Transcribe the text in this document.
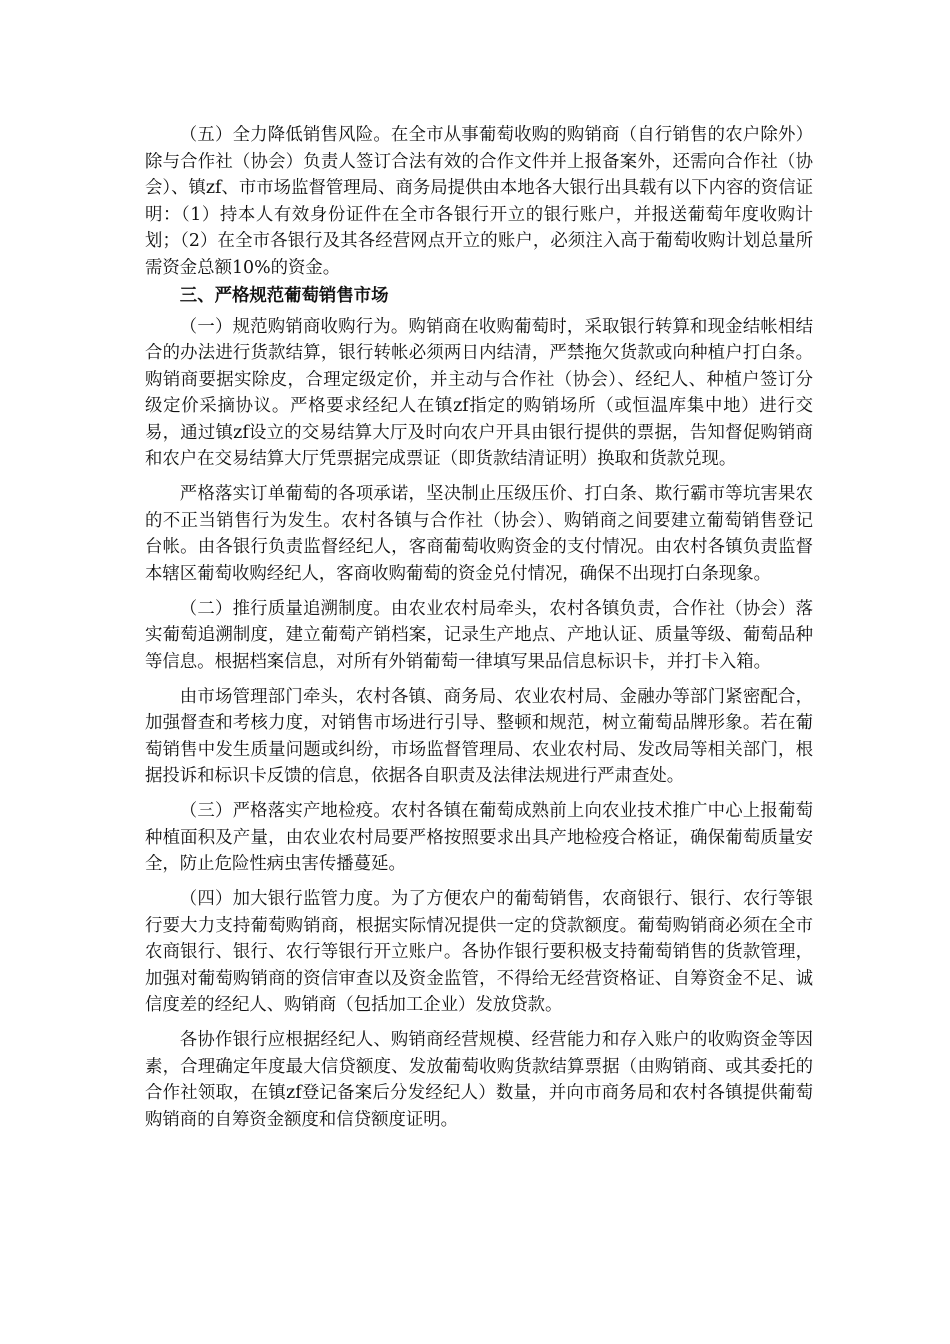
（五）全力降低销售风险。在全市从事葡萄收购的购销商（自行销售的农户除外）除与合作社（协会）负责人签订合法有效的合作文件并上报备案外，还需向合作社（协会）、镇zf、市市场监督管理局、商务局提供由本地各大银行出具载有以下内容的资信证明：（1）持本人有效身份证件在全市各银行开立的银行账户，并报送葡萄年度收购计划；（2）在全市各银行及其各经营网点开立的账户，必须注入高于葡萄收购计划总量所需资金总额10%的资金。

三、严格规范葡萄销售市场

（一）规范购销商收购行为。购销商在收购葡萄时，采取银行转算和现金结帐相结合的办法进行货款结算，银行转帐必须两日内结清，严禁拖欠货款或向种植户打白条。购销商要据实除皮，合理定级定价，并主动与合作社（协会）、经纪人、种植户签订分级定价采摘协议。严格要求经纪人在镇zf指定的购销场所（或恒温库集中地）进行交易，通过镇zf设立的交易结算大厅及时向农户开具由银行提供的票据，告知督促购销商和农户在交易结算大厅凭票据完成票证（即货款结清证明）换取和货款兑现。

严格落实订单葡萄的各项承诺，坚决制止压级压价、打白条、欺行霸市等坑害果农的不正当销售行为发生。农村各镇与合作社（协会）、购销商之间要建立葡萄销售登记台帐。由各银行负责监督经纪人，客商葡萄收购资金的支付情况。由农村各镇负责监督本辖区葡萄收购经纪人，客商收购葡萄的资金兑付情况，确保不出现打白条现象。

（二）推行质量追溯制度。由农业农村局牵头，农村各镇负责，合作社（协会）落实葡萄追溯制度，建立葡萄产销档案，记录生产地点、产地认证、质量等级、葡萄品种等信息。根据档案信息，对所有外销葡萄一律填写果品信息标识卡，并打卡入箱。

由市场管理部门牵头，农村各镇、商务局、农业农村局、金融办等部门紧密配合，加强督查和考核力度，对销售市场进行引导、整顿和规范，树立葡萄品牌形象。若在葡萄销售中发生质量问题或纠纷，市场监督管理局、农业农村局、发改局等相关部门，根据投诉和标识卡反馈的信息，依据各自职责及法律法规进行严肃查处。

（三）严格落实产地检疫。农村各镇在葡萄成熟前上向农业技术推广中心上报葡萄种植面积及产量，由农业农村局要严格按照要求出具产地检疫合格证，确保葡萄质量安全，防止危险性病虫害传播蔓延。

（四）加大银行监管力度。为了方便农户的葡萄销售，农商银行、银行、农行等银行要大力支持葡萄购销商，根据实际情况提供一定的贷款额度。葡萄购销商必须在全市农商银行、银行、农行等银行开立账户。各协作银行要积极支持葡萄销售的货款管理，加强对葡萄购销商的资信审查以及资金监管，不得给无经营资格证、自筹资金不足、诚信度差的经纪人、购销商（包括加工企业）发放贷款。

各协作银行应根据经纪人、购销商经营规模、经营能力和存入账户的收购资金等因素，合理确定年度最大信贷额度、发放葡萄收购货款结算票据（由购销商、或其委托的合作社领取，在镇zf登记备案后分发经纪人）数量，并向市商务局和农村各镇提供葡萄购销商的自筹资金额度和信贷额度证明。
